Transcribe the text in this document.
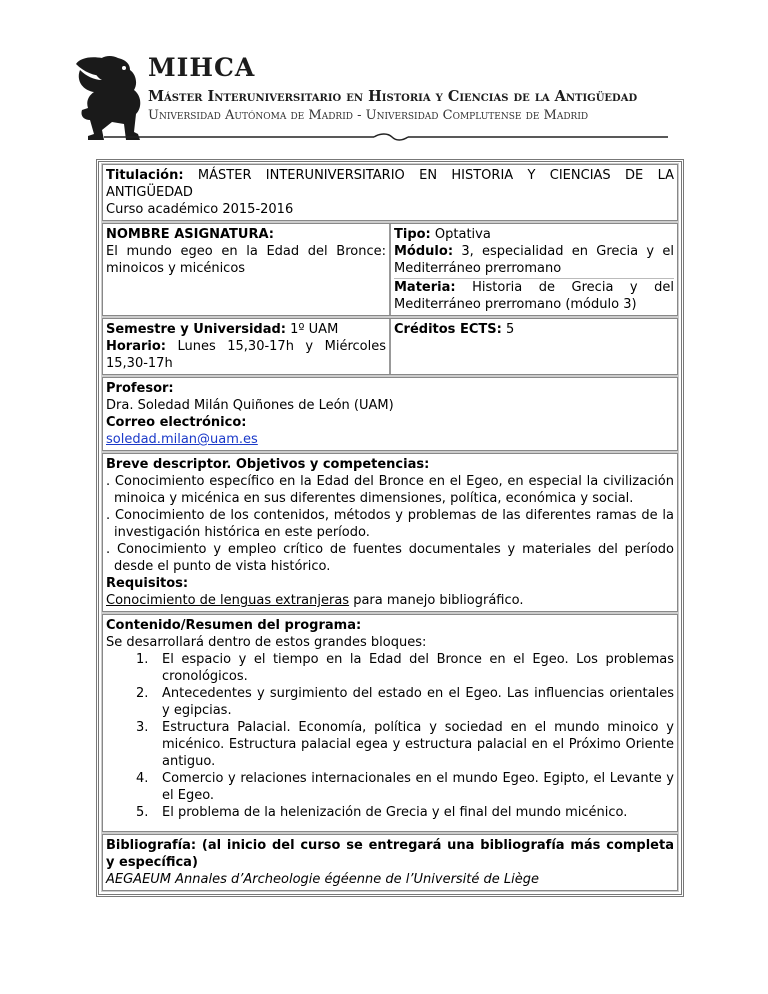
MIHCA
Máster Interuniversitario en Historia y Ciencias de la Antigüedad
Universidad Autónoma de Madrid - Universidad Complutense de Madrid
Titulación: MÁSTER INTERUNIVERSITARIO EN HISTORIA Y CIENCIAS DE LA ANTIGÜEDAD
Curso académico 2015-2016
NOMBRE ASIGNATURA:
El mundo egeo en la Edad del Bronce: minoicos y micénicos
Tipo: Optativa
Módulo: 3, especialidad en Grecia y el Mediterráneo prerromano
Materia: Historia de Grecia y del Mediterráneo prerromano (módulo 3)
Semestre y Universidad: 1º UAM
Horario: Lunes 15,30-17h y Miércoles 15,30-17h
Créditos ECTS: 5
Profesor:
Dra. Soledad Milán Quiñones de León (UAM)
Correo electrónico:
soledad.milan@uam.es
Breve descriptor. Objetivos y competencias:
. Conocimiento específico en la Edad del Bronce en el Egeo, en especial la civilización minoica y micénica en sus diferentes dimensiones, política, económica y social.
. Conocimiento de los contenidos, métodos y problemas de las diferentes ramas de la investigación histórica en este período.
. Conocimiento y empleo crítico de fuentes documentales y materiales del período desde el punto de vista histórico.
Requisitos:
Conocimiento de lenguas extranjeras para manejo bibliográfico.
Contenido/Resumen del programa:
Se desarrollará dentro de estos grandes bloques:
1. El espacio y el tiempo en la Edad del Bronce en el Egeo. Los problemas cronológicos.
2. Antecedentes y surgimiento del estado en el Egeo. Las influencias orientales y egipcias.
3. Estructura Palacial. Economía, política y sociedad en el mundo minoico y micénico. Estructura palacial egea y estructura palacial en el Próximo Oriente antiguo.
4. Comercio y relaciones internacionales en el mundo Egeo. Egipto, el Levante y el Egeo.
5. El problema de la helenización de Grecia y el final del mundo micénico.
Bibliografía: (al inicio del curso se entregará una bibliografía más completa y específica)
AEGAEUM Annales d’Archeologie égéenne de l’Université de Liège
